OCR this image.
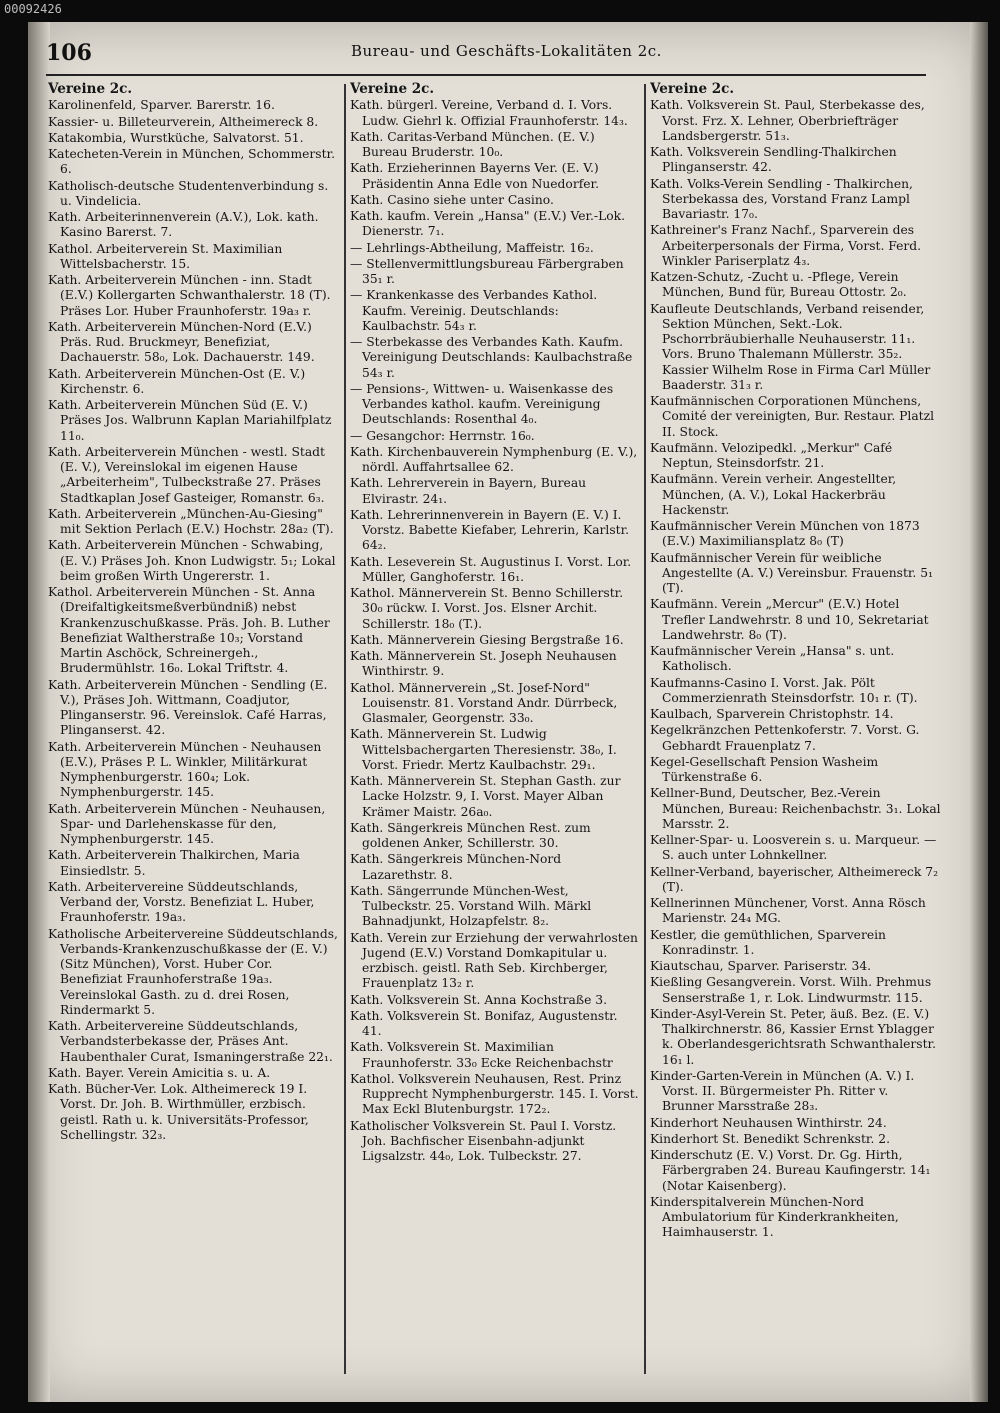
00092426
106	Bureau- und Geschäfts-Lokalitäten 2c.
Vereine 2c.
Karolinenfeld, Sparver. Barerstr. 16.
Kassier- u. Billeteurverein, Altheimereck 8.
Katakombia, Wurstküche, Salvatorst. 51.
Katecheten-Verein in München, Schommerstr. 6.
Katholisch-deutsche Studentenverbindung s. u. Vindelicia.
Kath. Arbeiterinnenverein (A.V.), Lok. kath. Kasino Barerst. 7.
Kathol. Arbeiterverein St. Maximilian Wittelsbacherstr. 15.
Kath. Arbeiterverein München - inn. Stadt (E.V.) Kollergarten Schwanthalerstr. 18 (T). Präses Lor. Huber Fraunhoferstr. 19a₃ r.
Kath. Arbeiterverein München-Nord (E.V.) Präs. Rud. Bruckmeyr, Benefiziat, Dachauerstr. 58₀, Lok. Dachauerstr. 149.
Kath. Arbeiterverein München-Ost (E. V.) Kirchenstr. 6.
Kath. Arbeiterverein München Süd (E. V.) Präses Jos. Walbrunn Kaplan Mariahilfplatz 11₀.
Kath. Arbeiterverein München - westl. Stadt (E. V.), Vereinslokal im eigenen Hause „Arbeiterheim", Tulbeckstraße 27. Präses Stadtkaplan Josef Gasteiger, Romanstr. 6₃.
Kath. Arbeiterverein „München-Au-Giesing" mit Sektion Perlach (E.V.) Hochstr. 28a₂ (T).
Kath. Arbeiterverein München - Schwabing, (E. V.) Präses Joh. Knon Ludwigstr. 5₁; Lokal beim großen Wirth Ungererstr. 1.
Kathol. Arbeiterverein München - St. Anna (Dreifaltigkeitsmeßverbündniß) nebst Krankenzuschußkasse. Präs. Joh. B. Luther Benefiziat Waltherstraße 10₃; Vorstand Martin Aschöck, Schreinergeh., Brudermühlstr. 16₀. Lokal Triftstr. 4.
Kath. Arbeiterverein München - Sendling (E. V.), Präses Joh. Wittmann, Coadjutor, Plinganserstr. 96. Vereinslok. Café Harras, Plinganserst. 42.
Kath. Arbeiterverein München - Neuhausen (E.V.), Präses P. L. Winkler, Militärkurat Nymphenburgerstr. 160₄; Lok. Nymphenburgerstr. 145.
Kath. Arbeiterverein München - Neuhausen, Spar- und Darlehenskasse für den, Nymphenburgerstr. 145.
Kath. Arbeiterverein Thalkirchen, Maria Einsiedlstr. 5.
Kath. Arbeitervereine Süddeutschlands, Verband der, Vorstz. Benefiziat L. Huber, Fraunhoferstr. 19a₃.
Katholische Arbeitervereine Süddeutschlands, Verbands-Krankenzuschußkasse der (E. V.) (Sitz München), Vorst. Huber Cor. Benefiziat Fraunhoferstraße 19a₃. Vereinslokal Gasth. zu d. drei Rosen, Rindermarkt 5.
Kath. Arbeitervereine Süddeutschlands, Verbandsterbekasse der, Präses Ant. Haubenthaler Curat, Ismaningerstraße 22₁.
Kath. Bayer. Verein Amicitia s. u. A.
Kath. Bücher-Ver. Lok. Altheimereck 19 I. Vorst. Dr. Joh. B. Wirthmüller, erzbisch. geistl. Rath u. k. Universitäts-Professor, Schellingstr. 32₃.
Vereine 2c.
Kath. bürgerl. Vereine, Verband d. I. Vors. Ludw. Giehrl k. Offizial Fraunhoferstr. 14₃.
Kath. Caritas-Verband München. (E. V.) Bureau Bruderstr. 10₀.
Kath. Erzieherinnen Bayerns Ver. (E. V.) Präsidentin Anna Edle von Nuedorfer.
Kath. Casino siehe unter Casino.
Kath. kaufm. Verein „Hansa" (E.V.) Ver.-Lok. Dienerstr. 7₁.
— Lehrlings-Abtheilung, Maffeistr. 16₂.
— Stellenvermittlungsbureau Färbergraben 35₁ r.
— Krankenkasse des Verbandes Kathol. Kaufm. Vereinig. Deutschlands: Kaulbachstr. 54₃ r.
— Sterbekasse des Verbandes Kath. Kaufm. Vereinigung Deutschlands: Kaulbachstraße 54₃ r.
— Pensions-, Wittwen- u. Waisenkasse des Verbandes kathol. kaufm. Vereinigung Deutschlands: Rosenthal 4₀.
— Gesangchor: Herrnstr. 16₀.
Kath. Kirchenbauverein Nymphenburg (E. V.), nördl. Auffahrtsallee 62.
Kath. Lehrerverein in Bayern, Bureau Elvirastr. 24₁.
Kath. Lehrerinnenverein in Bayern (E. V.) I. Vorstz. Babette Kiefaber, Lehrerin, Karlstr. 64₂.
Kath. Leseverein St. Augustinus I. Vorst. Lor. Müller, Ganghoferstr. 16₁.
Kathol. Männerverein St. Benno Schillerstr. 30₀ rückw. I. Vorst. Jos. Elsner Archit. Schillerstr. 18₀ (T.).
Kath. Männerverein Giesing Bergstraße 16.
Kath. Männerverein St. Joseph Neuhausen Winthirstr. 9.
Kathol. Männerverein „St. Josef-Nord" Louisenstr. 81. Vorstand Andr. Dürrbeck, Glasmaler, Georgenstr. 33₀.
Kath. Männerverein St. Ludwig Wittelsbachergarten Theresienstr. 38₀, I. Vorst. Friedr. Mertz Kaulbachstr. 29₁.
Kath. Männerverein St. Stephan Gasth. zur Lacke Holzstr. 9, I. Vorst. Mayer Alban Krämer Maistr. 26a₀.
Kath. Sängerkreis München Rest. zum goldenen Anker, Schillerstr. 30.
Kath. Sängerkreis München-Nord Lazarethstr. 8.
Kath. Sängerrunde München-West, Tulbeckstr. 25. Vorstand Wilh. Märkl Bahnadjunkt, Holzapfelstr. 8₂.
Kath. Verein zur Erziehung der verwahrlosten Jugend (E.V.) Vorstand Domkapitular u. erzbisch. geistl. Rath Seb. Kirchberger, Frauenplatz 13₂ r.
Kath. Volksverein St. Anna Kochstraße 3.
Kath. Volksverein St. Bonifaz, Augustenstr. 41.
Kath. Volksverein St. Maximilian Fraunhoferstr. 33₀ Ecke Reichenbachstr
Kathol. Volksverein Neuhausen, Rest. Prinz Rupprecht Nymphenburgerstr. 145. I. Vorst. Max Eckl Blutenburgstr. 172₂.
Katholischer Volksverein St. Paul I. Vorstz. Joh. Bachfischer Eisenbahn-adjunkt Ligsalzstr. 44₀, Lok. Tulbeckstr. 27.
Vereine 2c.
Kath. Volksverein St. Paul, Sterbekasse des, Vorst. Frz. X. Lehner, Oberbriefträger Landsbergerstr. 51₃.
Kath. Volksverein Sendling-Thalkirchen Plinganserstr. 42.
Kath. Volks-Verein Sendling - Thalkirchen, Sterbekassa des, Vorstand Franz Lampl Bavariastr. 17₀.
Kathreiner's Franz Nachf., Sparverein des Arbeiterpersonals der Firma, Vorst. Ferd. Winkler Pariserplatz 4₃.
Katzen-Schutz, -Zucht u. -Pflege, Verein München, Bund für, Bureau Ottostr. 2₀.
Kaufleute Deutschlands, Verband reisender, Sektion München, Sekt.-Lok. Pschorrbräubierhalle Neuhauserstr. 11₁. Vors. Bruno Thalemann Müllerstr. 35₂. Kassier Wilhelm Rose in Firma Carl Müller Baaderstr. 31₃ r.
Kaufmännischen Corporationen Münchens, Comité der vereinigten, Bur. Restaur. Platzl II. Stock.
Kaufmänn. Velozipedkl. „Merkur" Café Neptun, Steinsdorfstr. 21.
Kaufmänn. Verein verheir. Angestellter, München, (A. V.), Lokal Hackerbräu Hackenstr.
Kaufmännischer Verein München von 1873 (E.V.) Maximiliansplatz 8₀ (T)
Kaufmännischer Verein für weibliche Angestellte (A. V.) Vereinsbur. Frauenstr. 5₁ (T).
Kaufmänn. Verein „Mercur" (E.V.) Hotel Trefler Landwehrstr. 8 und 10, Sekretariat Landwehrstr. 8₀ (T).
Kaufmännischer Verein „Hansa" s. unt. Katholisch.
Kaufmanns-Casino I. Vorst. Jak. Pölt Commerzienrath Steinsdorfstr. 10₁ r. (T).
Kaulbach, Sparverein Christophstr. 14.
Kegelkränzchen Pettenkoferstr. 7. Vorst. G. Gebhardt Frauenplatz 7.
Kegel-Gesellschaft Pension Washeim Türkenstraße 6.
Kellner-Bund, Deutscher, Bez.-Verein München, Bureau: Reichenbachstr. 3₁. Lokal Marsstr. 2.
Kellner-Spar- u. Loosverein s. u. Marqueur. — S. auch unter Lohnkellner.
Kellner-Verband, bayerischer, Altheimereck 7₂ (T).
Kellnerinnen Münchener, Vorst. Anna Rösch Marienstr. 24₄ MG.
Kestler, die gemüthlichen, Sparverein Konradinstr. 1.
Kiautschau, Sparver. Pariserstr. 34.
Kießling Gesangverein. Vorst. Wilh. Prehmus Senserstraße 1, r. Lok. Lindwurmstr. 115.
Kinder-Asyl-Verein St. Peter, äuß. Bez. (E. V.) Thalkirchnerstr. 86, Kassier Ernst Yblagger k. Oberlandesgerichtsrath Schwanthalerstr. 16₁ l.
Kinder-Garten-Verein in München (A. V.) I. Vorst. II. Bürgermeister Ph. Ritter v. Brunner Marsstraße 28₃.
Kinderhort Neuhausen Winthirstr. 24.
Kinderhort St. Benedikt Schrenkstr. 2.
Kinderschutz (E. V.) Vorst. Dr. Gg. Hirth, Färbergraben 24. Bureau Kaufingerstr. 14₁ (Notar Kaisenberg).
Kinderspitalverein München-Nord Ambulatorium für Kinderkrankheiten, Haimhauserstr. 1.
